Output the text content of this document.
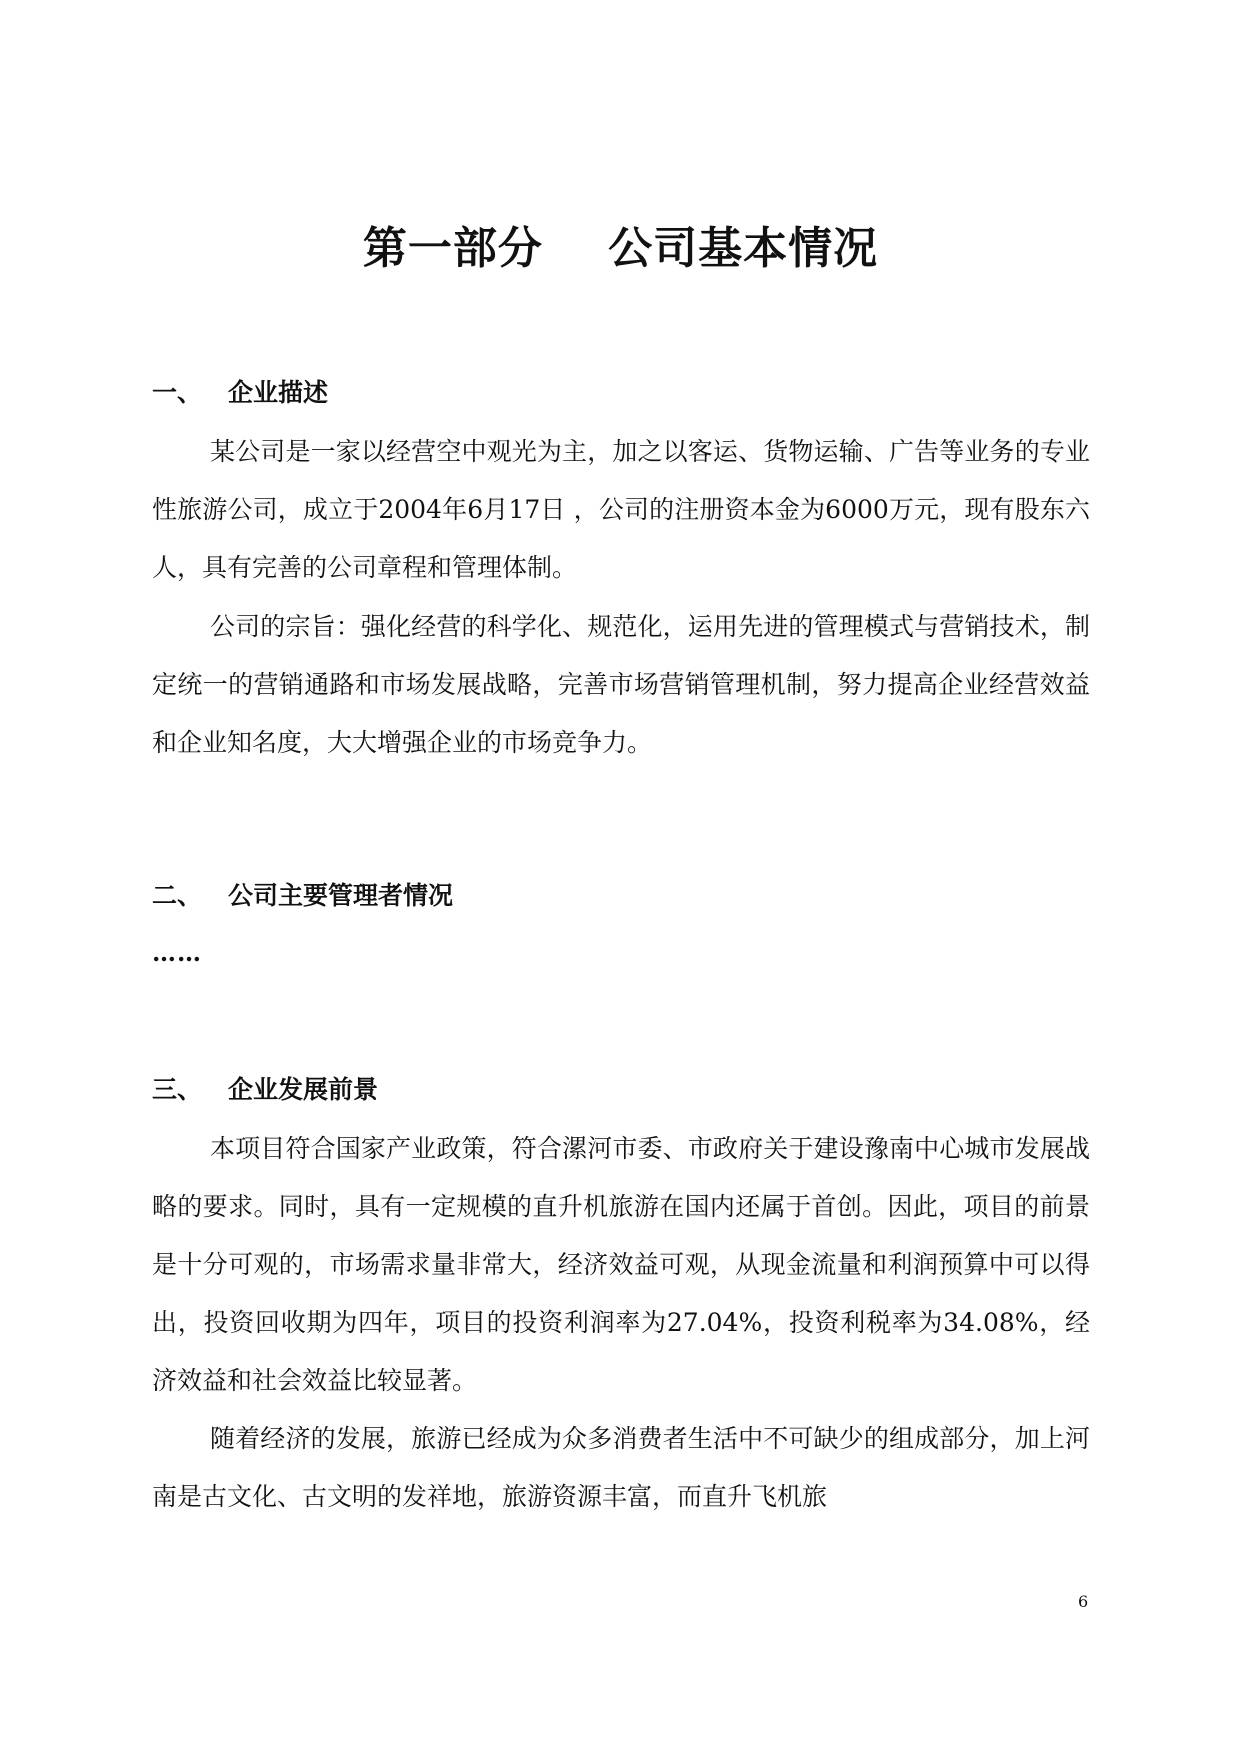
第一部分    公司基本情况
一、 企业描述

某公司是一家以经营空中观光为主，加之以客运、货物运输、广告等业务的专业性旅游公司，成立于2004年6月17日 ，公司的注册资本金为6000万元，现有股东六人，具有完善的公司章程和管理体制。

公司的宗旨：强化经营的科学化、规范化，运用先进的管理模式与营销技术，制定统一的营销通路和市场发展战略，完善市场营销管理机制，努力提高企业经营效益和企业知名度，大大增强企业的市场竞争力。

二、 公司主要管理者情况

……

三、 企业发展前景

本项目符合国家产业政策，符合漯河市委、市政府关于建设豫南中心城市发展战略的要求。同时，具有一定规模的直升机旅游在国内还属于首创。因此，项目的前景是十分可观的，市场需求量非常大，经济效益可观，从现金流量和利润预算中可以得出，投资回收期为四年，项目的投资利润率为27.04%，投资利税率为34.08%，经济效益和社会效益比较显著。

随着经济的发展，旅游已经成为众多消费者生活中不可缺少的组成部分，加上河南是古文化、古文明的发祥地，旅游资源丰富，而直升飞机旅

6
